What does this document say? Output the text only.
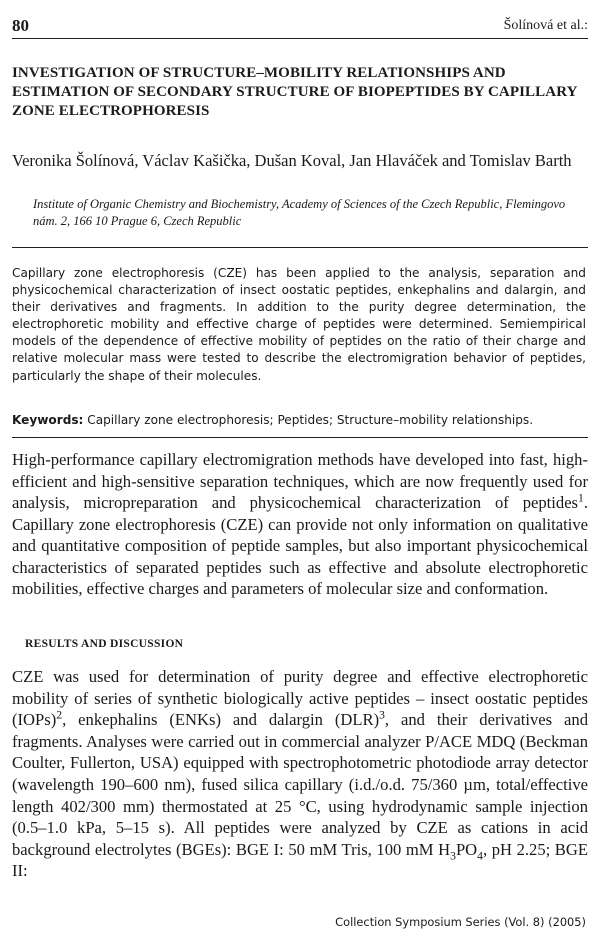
80	Šolínová et al.:
INVESTIGATION OF STRUCTURE–MOBILITY RELATIONSHIPS AND ESTIMATION OF SECONDARY STRUCTURE OF BIOPEPTIDES BY CAPILLARY ZONE ELECTROPHORESIS
Veronika Šolínová, Václav Kašička, Dušan Koval, Jan Hlaváček and Tomislav Barth
Institute of Organic Chemistry and Biochemistry, Academy of Sciences of the Czech Republic, Flemingovo nám. 2, 166 10 Prague 6, Czech Republic
Capillary zone electrophoresis (CZE) has been applied to the analysis, separation and physicochemical characterization of insect oostatic peptides, enkephalins and dalargin, and their derivatives and fragments. In addition to the purity degree determination, the electrophoretic mobility and effective charge of peptides were determined. Semiempirical models of the dependence of effective mobility of peptides on the ratio of their charge and relative molecular mass were tested to describe the electromigration behavior of peptides, particularly the shape of their molecules.
Keywords: Capillary zone electrophoresis; Peptides; Structure–mobility relationships.
High-performance capillary electromigration methods have developed into fast, high-efficient and high-sensitive separation techniques, which are now frequently used for analysis, micropreparation and physicochemical characterization of peptides$^1$. Capillary zone electrophoresis (CZE) can provide not only information on qualitative and quantitative composition of peptide samples, but also important physicochemical characteristics of separated peptides such as effective and absolute electrophoretic mobilities, effective charges and parameters of molecular size and conformation.
RESULTS AND DISCUSSION
CZE was used for determination of purity degree and effective electrophoretic mobility of series of synthetic biologically active peptides – insect oostatic peptides (IOPs)$^2$, enkephalins (ENKs) and dalargin (DLR)$^3$, and their derivatives and fragments. Analyses were carried out in commercial analyzer P/ACE MDQ (Beckman Coulter, Fullerton, USA) equipped with spectrophotometric photodiode array detector (wavelength 190–600 nm), fused silica capillary (i.d./o.d. 75/360 µm, total/effective length 402/300 mm) thermostated at 25 °C, using hydrodynamic sample injection (0.5–1.0 kPa, 5–15 s). All peptides were analyzed by CZE as cations in acid background electrolytes (BGEs): BGE I: 50 mM Tris, 100 mM $H_3PO_4$, pH 2.25; BGE II:
Collection Symposium Series (Vol. 8) (2005)
